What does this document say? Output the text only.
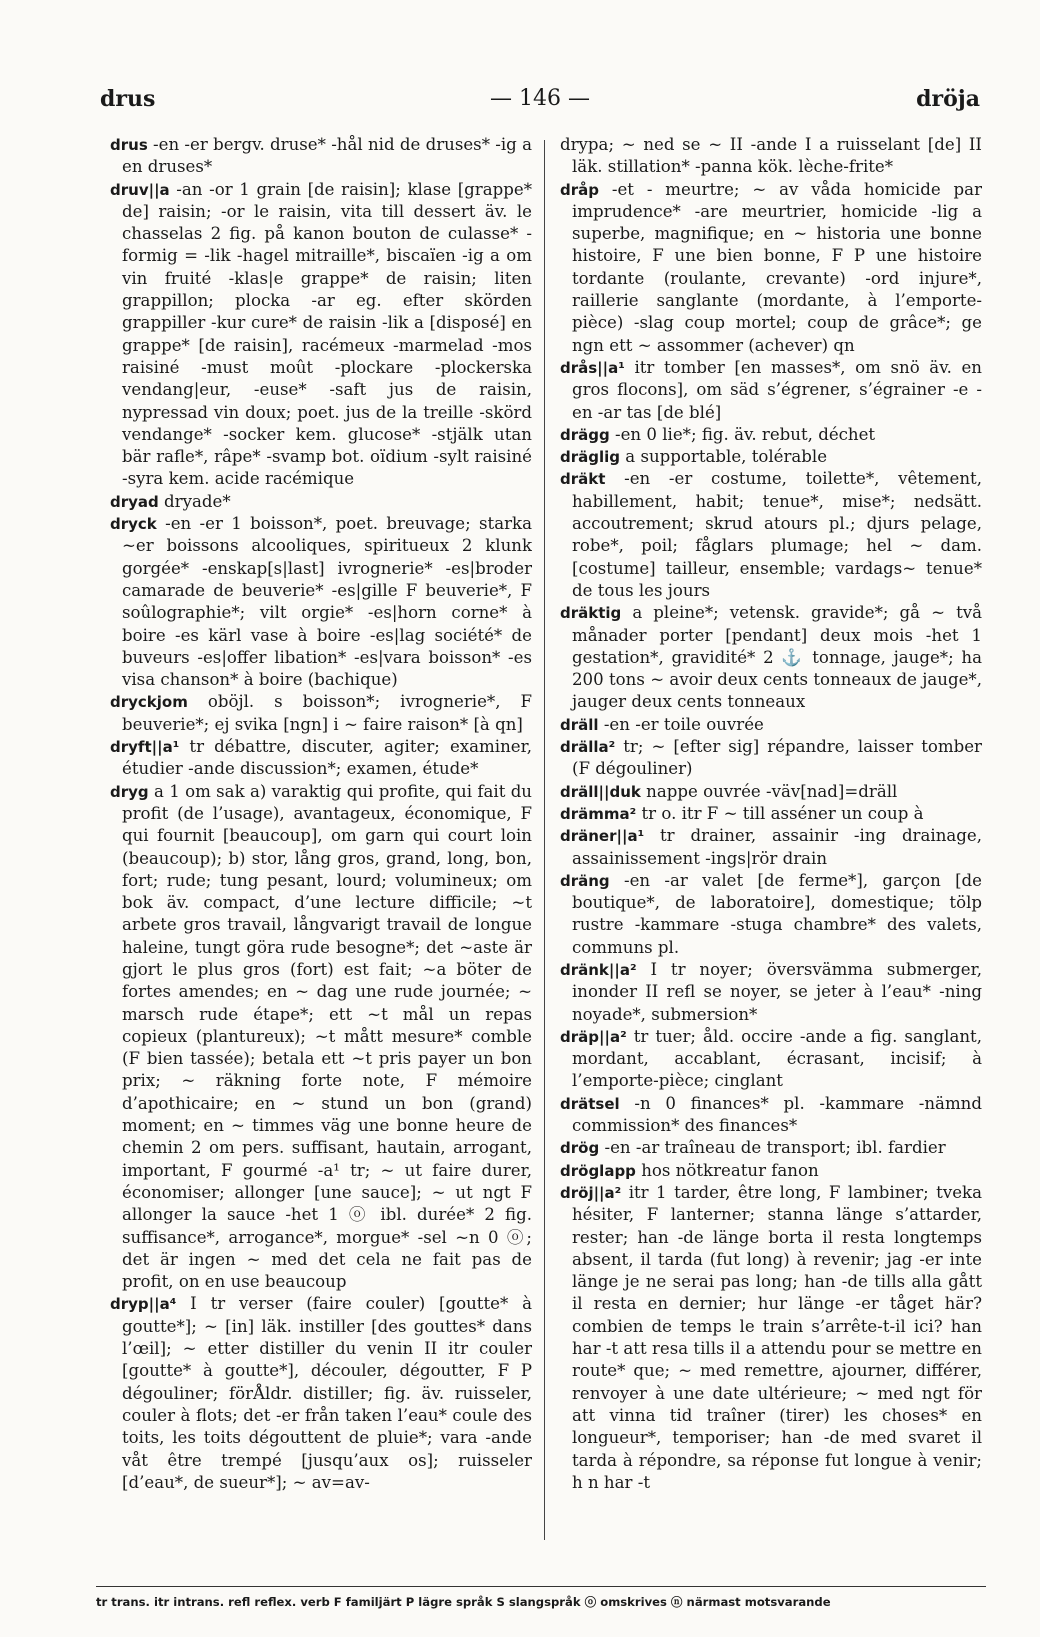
drus	— 146 —	dröja
drus -en -er bergv. druse* -hål nid de druses* -ig a en druses*
druv||a -an -or 1 grain [de raisin]; klase [grappe* de] raisin; -or le raisin, vita till dessert äv. le chasselas 2 fig. på kanon bouton de culasse* -formig = -lik -hagel mitraille*, biscaïen -ig a om vin fruité -klas|e grappe* de raisin; liten grappillon; plocka -ar eg. efter skörden grappiller -kur cure* de raisin -lik a [disposé] en grappe* [de raisin], racémeux -marmelad -mos raisiné -must moût -plockare -plockerska vendang|eur, -euse* -saft jus de raisin, nypressad vin doux; poet. jus de la treille -skörd vendange* -socker kem. glucose* -stjälk utan bär rafle*, râpe* -svamp bot. oïdium -sylt raisiné -syra kem. acide racémique
dryad dryade*
dryck -en -er 1 boisson*, poet. breuvage; starka ~er boissons alcooliques, spiritueux 2 klunk gorgée* -enskap[s|last] ivrognerie* -es|broder camarade de beuverie* -es|gille F beuverie*, F soûlographie*; vilt orgie* -es|horn corne* à boire -es kärl vase à boire -es|lag société* de buveurs -es|offer libation* -es|vara boisson* -es visa chanson* à boire (bachique)
dryckjom oböjl. s boisson*; ivrognerie*, F beuverie*; ej svika [ngn] i ~ faire raison* [à qn]
dryft||a¹ tr débattre, discuter, agiter; examiner, étudier -ande discussion*; examen, étude*
dryg a 1 om sak a) varaktig qui profite, qui fait du profit (de l’usage), avantageux, économique, F qui fournit [beaucoup], om garn qui court loin (beaucoup); b) stor, lång gros, grand, long, bon, fort; rude; tung pesant, lourd; volumineux; om bok äv. compact, d’une lecture difficile; ~t arbete gros travail, långvarigt travail de longue haleine, tungt göra rude besogne*; det ~aste är gjort le plus gros (fort) est fait; ~a böter de fortes amendes; en ~ dag une rude journée; ~ marsch rude étape*; ett ~t mål un repas copieux (plantureux); ~t mått mesure* comble (F bien tassée); betala ett ~t pris payer un bon prix; ~ räkning forte note, F mémoire d’apothicaire; en ~ stund un bon (grand) moment; en ~ timmes väg une bonne heure de chemin 2 om pers. suffisant, hautain, arrogant, important, F gourmé -a¹ tr; ~ ut faire durer, économiser; allonger [une sauce]; ~ ut ngt F allonger la sauce -het 1 ⓞ ibl. durée* 2 fig. suffisance*, arrogance*, morgue* -sel ~n 0 ⓞ; det är ingen ~ med det cela ne fait pas de profit, on en use beaucoup
dryp||a⁴ I tr verser (faire couler) [goutte* à goutte*]; ~ [in] läk. instiller [des gouttes* dans l’œil]; ~ etter distiller du venin II itr couler [goutte* à goutte*], découler, dégoutter, F P dégouliner; förÅldr. distiller; fig. äv. ruisseler, couler à flots; det -er från taken l’eau* coule des toits, les toits dégouttent de pluie*; vara -ande våt être trempé [jusqu’aux os]; ruisseler [d’eau*, de sueur*]; ~ av=av-
drypa; ~ ned se ~ II -ande I a ruisselant [de] II läk. stillation* -panna kök. lèche-frite*
dråp -et - meurtre; ~ av våda homicide par imprudence* -are meurtrier, homicide -lig a superbe, magnifique; en ~ historia une bonne histoire, F une bien bonne, F P une histoire tordante (roulante, crevante) -ord injure*, raillerie sanglante (mordante, à l’emporte-pièce) -slag coup mortel; coup de grâce*; ge ngn ett ~ assommer (achever) qn
drås||a¹ itr tomber [en masses*, om snö äv. en gros flocons], om säd s’égrener, s’égrainer -e -en -ar tas [de blé]
drägg -en 0 lie*; fig. äv. rebut, déchet
dräglig a supportable, tolérable
dräkt -en -er costume, toilette*, vêtement, habillement, habit; tenue*, mise*; nedsätt. accoutrement; skrud atours pl.; djurs pelage, robe*, poil; fåglars plumage; hel ~ dam. [costume] tailleur, ensemble; vardags~ tenue* de tous les jours
dräktig a pleine*; vetensk. gravide*; gå ~ två månader porter [pendant] deux mois -het 1 gestation*, gravidité* 2 ⚓ tonnage, jauge*; ha 200 tons ~ avoir deux cents tonneaux de jauge*, jauger deux cents tonneaux
dräll -en -er toile ouvrée
drälla² tr; ~ [efter sig] répandre, laisser tomber (F dégouliner)
dräll||duk nappe ouvrée -väv[nad]=dräll
drämma² tr o. itr F ~ till asséner un coup à
dräner||a¹ tr drainer, assainir -ing drainage, assainissement -ings|rör drain
dräng -en -ar valet [de ferme*], garçon [de boutique*, de laboratoire], domestique; tölp rustre -kammare -stuga chambre* des valets, communs pl.
dränk||a² I tr noyer; översvämma submerger, inonder II refl se noyer, se jeter à l’eau* -ning noyade*, submersion*
dräp||a² tr tuer; åld. occire -ande a fig. sanglant, mordant, accablant, écrasant, incisif; à l’emporte-pièce; cinglant
drätsel -n 0 finances* pl. -kammare -nämnd commission* des finances*
drög -en -ar traîneau de transport; ibl. fardier
dröglapp hos nötkreatur fanon
dröj||a² itr 1 tarder, être long, F lambiner; tveka hésiter, F lanterner; stanna länge s’attarder, rester; han -de länge borta il resta longtemps absent, il tarda (fut long) à revenir; jag -er inte länge je ne serai pas long; han -de tills alla gått il resta en dernier; hur länge -er tåget här? combien de temps le train s’arrête-t-il ici? han har -t att resa tills il a attendu pour se mettre en route* que; ~ med remettre, ajourner, différer, renvoyer à une date ultérieure; ~ med ngt för att vinna tid traîner (tirer) les choses* en longueur*, temporiser; han -de med svaret il tarda à répondre, sa réponse fut longue à venir; h n har -t
tr trans. itr intrans. refl reflex. verb F familjärt P lägre språk S slangspråk ⓞ omskrives ⓝ närmast motsvarande
